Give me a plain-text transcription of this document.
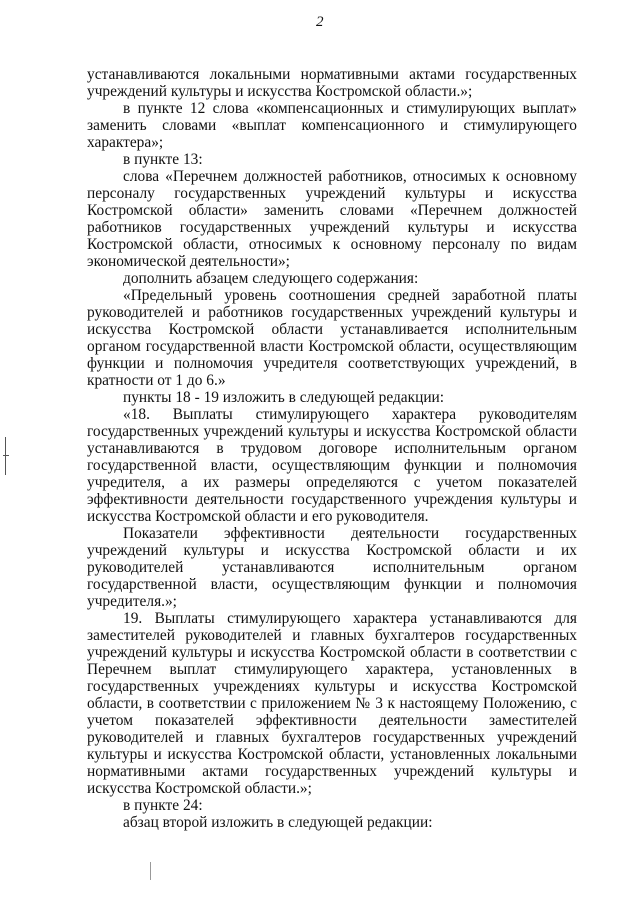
2

устанавливаются локальными нормативными актами государственных учреждений культуры и искусства Костромской области.»;

в пункте 12 слова «компенсационных и стимулирующих выплат» заменить словами «выплат компенсационного и стимулирующего характера»;

в пункте 13:

слова «Перечнем должностей работников, относимых к основному персоналу государственных учреждений культуры и искусства Костромской области» заменить словами «Перечнем должностей работников государственных учреждений культуры и искусства Костромской области, относимых к основному персоналу по видам экономической деятельности»;

дополнить абзацем следующего содержания:

«Предельный уровень соотношения средней заработной платы руководителей и работников государственных учреждений культуры и искусства Костромской области устанавливается исполнительным органом государственной власти Костромской области, осуществляющим функции и полномочия учредителя соответствующих учреждений, в кратности от 1 до 6.»

пункты 18 - 19 изложить в следующей редакции:

«18. Выплаты стимулирующего характера руководителям государственных учреждений культуры и искусства Костромской области устанавливаются в трудовом договоре исполнительным органом государственной власти, осуществляющим функции и полномочия учредителя, а их размеры определяются с учетом показателей эффективности деятельности государственного учреждения культуры и искусства Костромской области и его руководителя.

Показатели эффективности деятельности государственных учреждений культуры и искусства Костромской области и их руководителей устанавливаются исполнительным органом государственной власти, осуществляющим функции и полномочия учредителя.»;

19. Выплаты стимулирующего характера устанавливаются для заместителей руководителей и главных бухгалтеров государственных учреждений культуры и искусства Костромской области в соответствии с Перечнем выплат стимулирующего характера, установленных в государственных учреждениях культуры и искусства Костромской области, в соответствии с приложением № 3 к настоящему Положению, с учетом показателей эффективности деятельности заместителей руководителей и главных бухгалтеров государственных учреждений культуры и искусства Костромской области, установленных локальными нормативными актами государственных учреждений культуры и искусства Костромской области.»;

в пункте 24:

абзац второй изложить в следующей редакции:
